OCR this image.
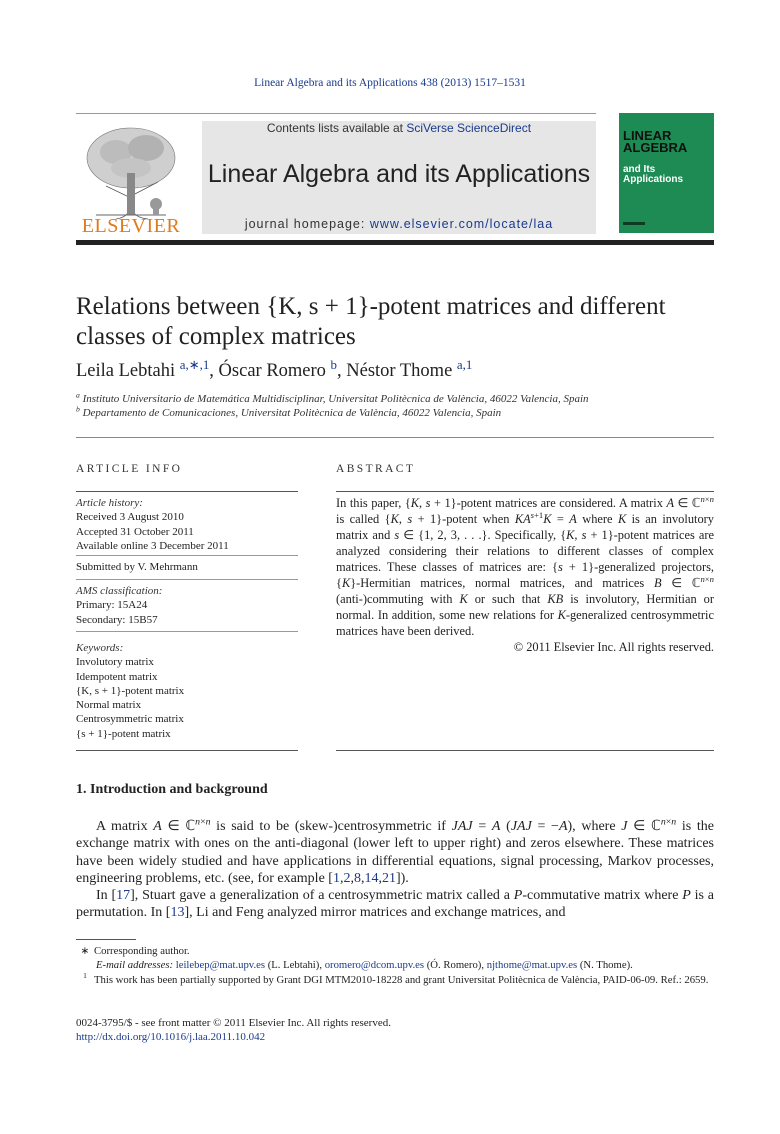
Linear Algebra and its Applications 438 (2013) 1517–1531
ELSEVIER
Contents lists available at SciVerse ScienceDirect
Linear Algebra and its Applications
journal homepage: www.elsevier.com/locate/laa
LINEAR ALGEBRA
and Its Applications
Relations between {K, s + 1}-potent matrices and different
classes of complex matrices
Leila Lebtahi $^{a,∗,1}$, Óscar Romero $^b$, Néstor Thome $^{a,1}$
$^a$ Instituto Universitario de Matemática Multidisciplinar, Universitat Politècnica de València, 46022 Valencia, Spain
$^b$ Departamento de Comunicaciones, Universitat Politècnica de València, 46022 Valencia, Spain
ARTICLE INFO
Article history:
Received 3 August 2010
Accepted 31 October 2011
Available online 3 December 2011
Submitted by V. Mehrmann
AMS classification:
Primary: 15A24
Secondary: 15B57
Keywords:
Involutory matrix
Idempotent matrix
{K, s + 1}-potent matrix
Normal matrix
Centrosymmetric matrix
{s + 1}-potent matrix
ABSTRACT
In this paper, {K, s + 1}-potent matrices are considered. A matrix A ∈ ℂ$^{n\times n}$ is called {K, s + 1}-potent when $KA^{s+1}K = A$ where K is an involutory matrix and s ∈ {1, 2, 3, . . .}. Specifically, {K, s + 1}-potent matrices are analyzed considering their relations to different classes of complex matrices. These classes of matrices are: {s + 1}-generalized projectors, {K}-Hermitian matrices, normal matrices, and matrices B ∈ ℂ$^{n\times n}$ (anti-)commuting with K or such that KB is involutory, Hermitian or normal. In addition, some new relations for K-generalized centrosymmetric matrices have been derived.
© 2011 Elsevier Inc. All rights reserved.
1. Introduction and background
A matrix A ∈ ℂ$^{n\times n}$ is said to be (skew-)centrosymmetric if JAJ = A (JAJ = −A), where J ∈ ℂ$^{n\times n}$ is the exchange matrix with ones on the anti-diagonal (lower left to upper right) and zeros elsewhere. These matrices have been widely studied and have applications in differential equations, signal processing, Markov processes, engineering problems, etc. (see, for example [1,2,8,14,21]).
In [17], Stuart gave a generalization of a centrosymmetric matrix called a P-commutative matrix where P is a permutation. In [13], Li and Feng analyzed mirror matrices and exchange matrices, and
∗ Corresponding author.
E-mail addresses: leilebep@mat.upv.es (L. Lebtahi), oromero@dcom.upv.es (Ó. Romero), njthome@mat.upv.es (N. Thome).
$^1$ This work has been partially supported by Grant DGI MTM2010-18228 and grant Universitat Politècnica de València, PAID-06-09. Ref.: 2659.
0024-3795/$ - see front matter © 2011 Elsevier Inc. All rights reserved.
http://dx.doi.org/10.1016/j.laa.2011.10.042
